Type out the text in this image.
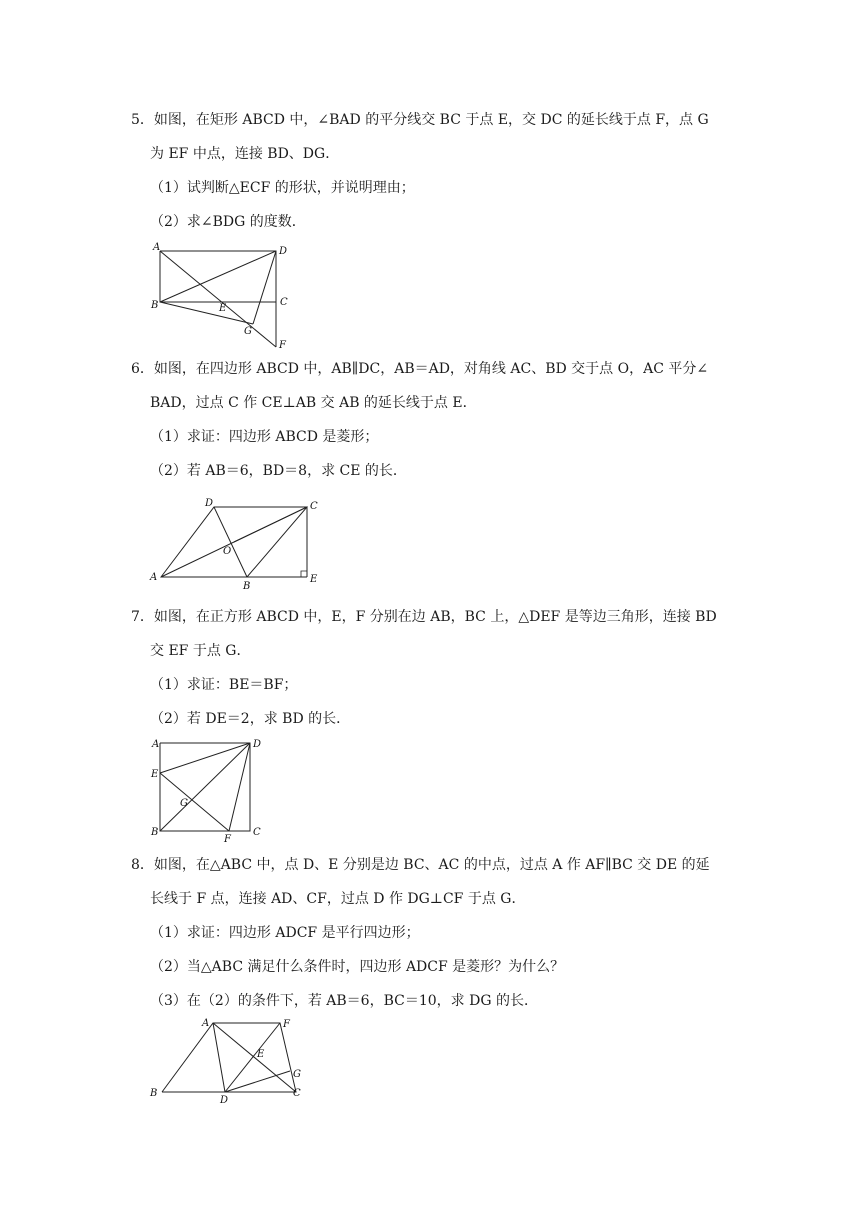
5．如图，在矩形 ABCD 中，∠BAD 的平分线交 BC 于点 E，交 DC 的延长线于点 F，点 G
为 EF 中点，连接 BD、DG．
（1）试判断△ECF 的形状，并说明理由；
（2）求∠BDG 的度数．
A	D
B	E
C
G
F
6．如图，在四边形 ABCD 中，AB∥DC，AB＝AD，对角线 AC、BD 交于点 O，AC 平分∠
BAD，过点 C 作 CE⊥AB 交 AB 的延长线于点 E．
（1）求证：四边形 ABCD 是菱形；
（2）若 AB＝6，BD＝8，求 CE 的长．
D	C
O
A
B
E
7．如图，在正方形 ABCD 中，E，F 分别在边 AB，BC 上，△DEF 是等边三角形，连接 BD
交 EF 于点 G．
（1）求证：BE＝BF；
（2）若 DE＝2，求 BD 的长．
A	D
E
G
B
F
C
8．如图，在△ABC 中，点 D、E 分别是边 BC、AC 的中点，过点 A 作 AF∥BC 交 DE 的延
长线于 F 点，连接 AD、CF，过点 D 作 DG⊥CF 于点 G．
（1）求证：四边形 ADCF 是平行四边形；
（2）当△ABC 满足什么条件时，四边形 ADCF 是菱形？为什么？
（3）在（2）的条件下，若 AB＝6，BC＝10，求 DG 的长．
A	F
E
G
B
D
C
